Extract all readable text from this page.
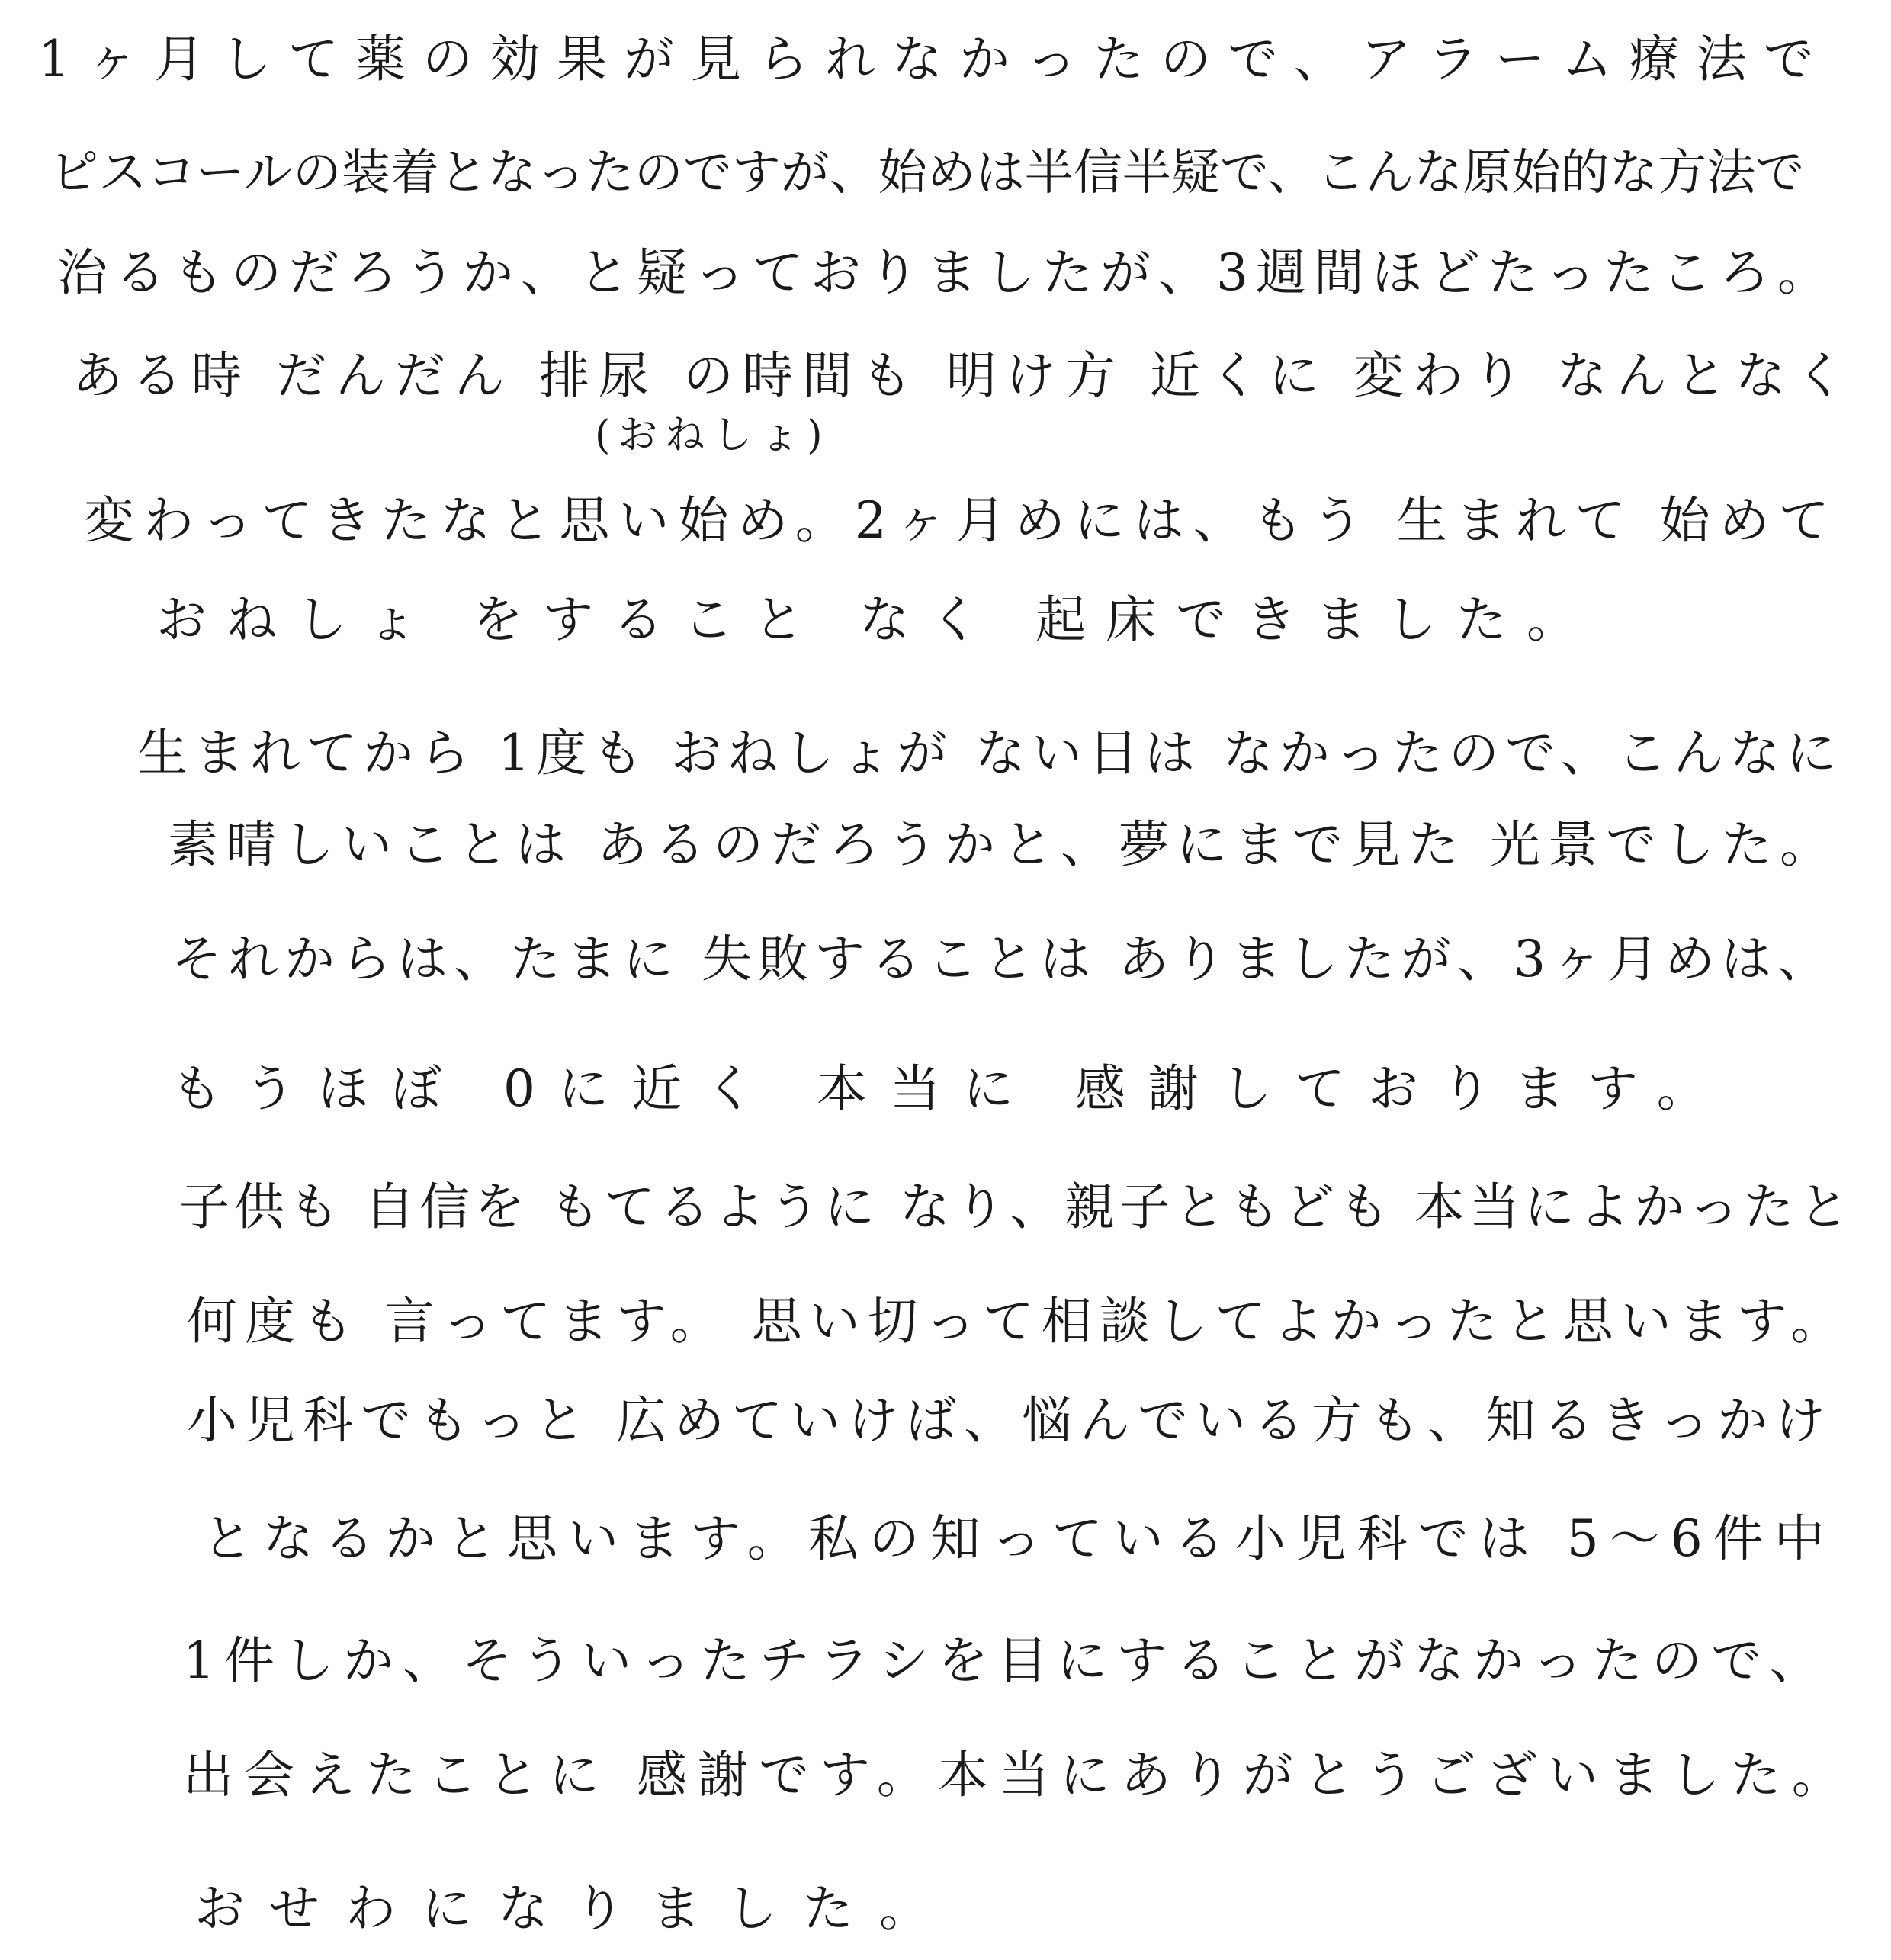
1ヶ月して薬の効果が見られなかったので、アラーム療法で
ピスコールの装着となったのですが、始めは半信半疑で、こんな原始的な方法で
治るものだろうか、と疑っておりましたが、3週間ほどたったころ。
ある時 だんだん 排尿 の時間も 明け方 近くに 変わり なんとなく
(おねしょ)
変わってきたなと思い始め。2ヶ月めには、もう 生まれて 始めて
おねしょ をすること なく 起床できました。
生まれてから 1度も おねしょが ない日は なかったので、こんなに
素晴しいことは あるのだろうかと、夢にまで見た 光景でした。
それからは、たまに 失敗することは ありましたが、3ヶ月めは、
もうほぼ 0に近く 本当に 感謝しております。
子供も 自信を もてるように なり、親子ともども 本当によかったと
何度も 言ってます。 思い切って相談してよかったと思います。
小児科でもっと 広めていけば、悩んでいる方も、知るきっかけ
となるかと思います。私の知っている小児科では 5〜6件中
1件しか、そういったチラシを目にすることがなかったので、
出会えたことに 感謝です。本当にありがとうございました。
おせわになりました。
